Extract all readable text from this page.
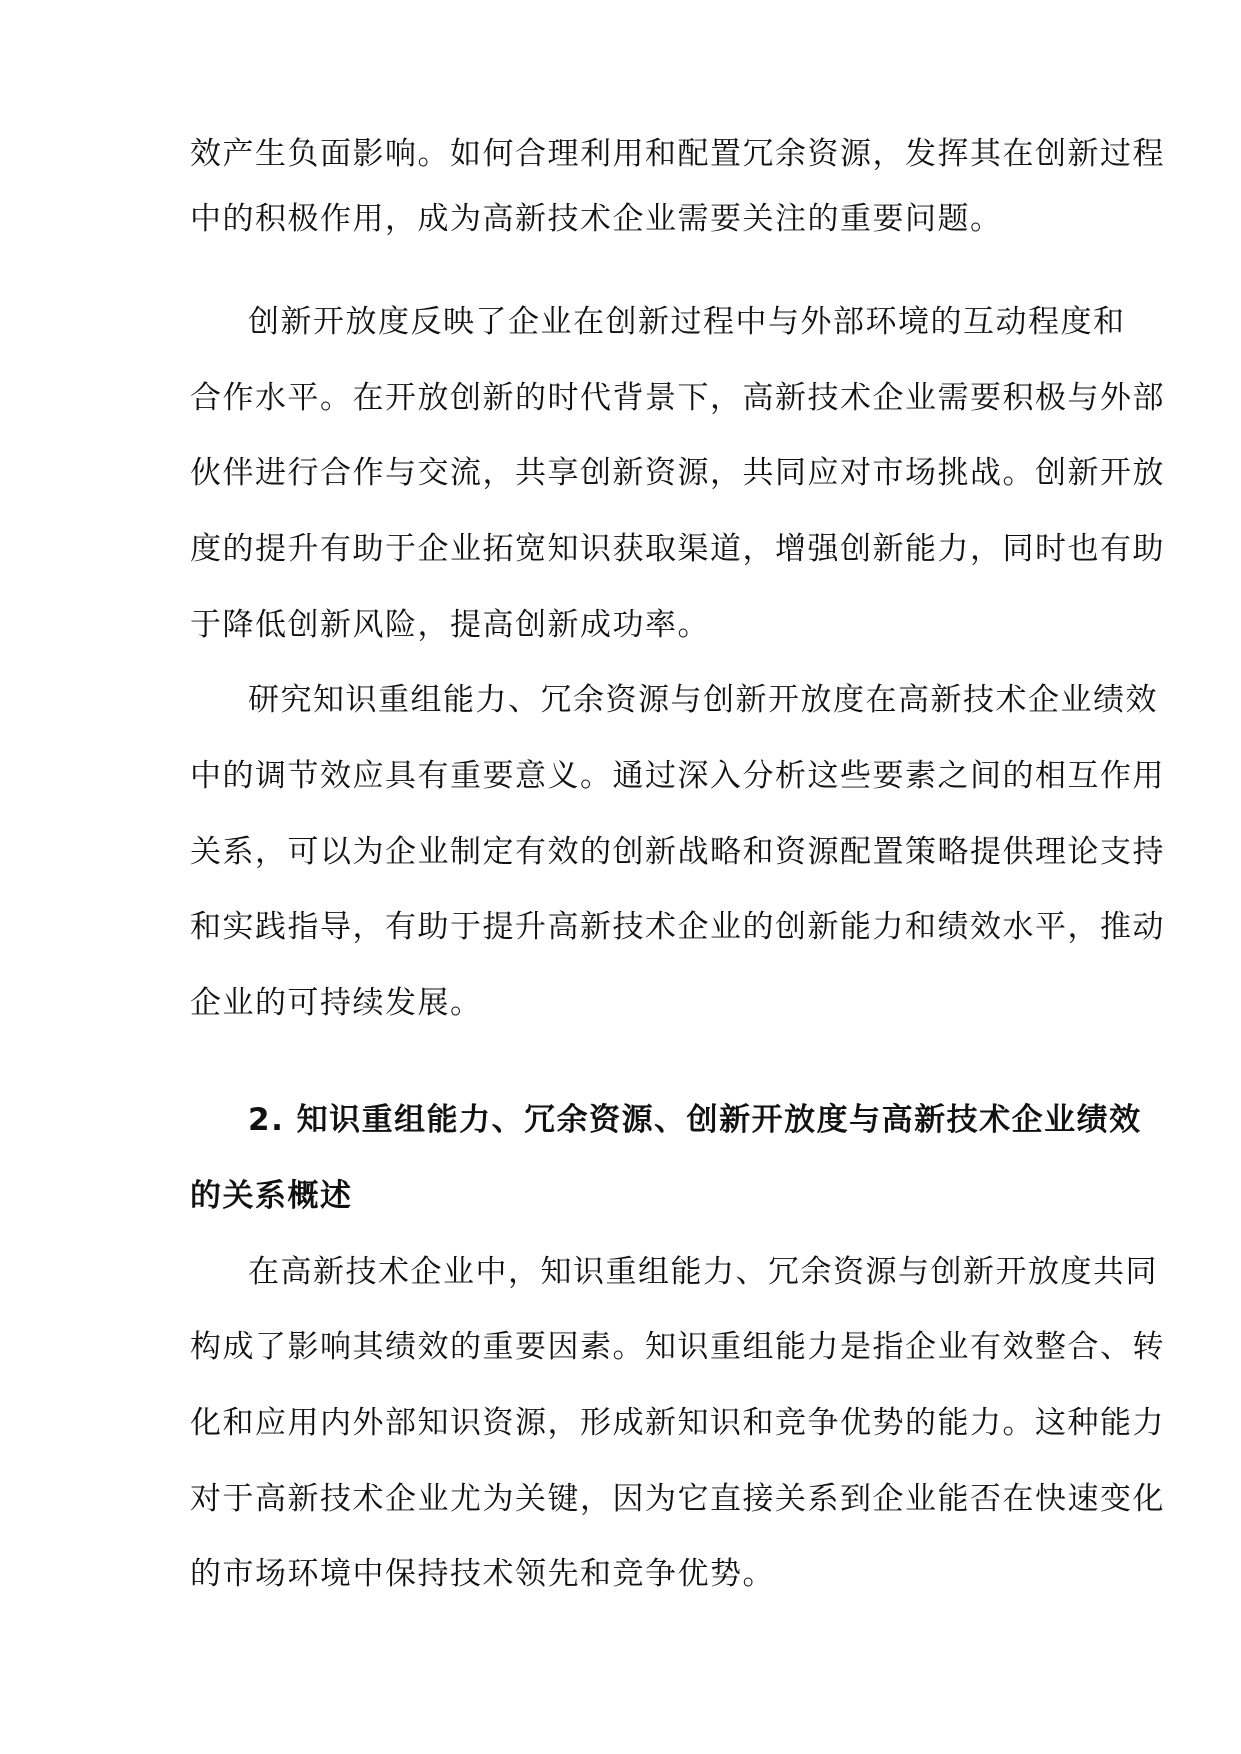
效产生负面影响。如何合理利用和配置冗余资源，发挥其在创新过程
中的积极作用，成为高新技术企业需要关注的重要问题。
创新开放度反映了企业在创新过程中与外部环境的互动程度和
合作水平。在开放创新的时代背景下，高新技术企业需要积极与外部
伙伴进行合作与交流，共享创新资源，共同应对市场挑战。创新开放
度的提升有助于企业拓宽知识获取渠道，增强创新能力，同时也有助
于降低创新风险，提高创新成功率。
研究知识重组能力、冗余资源与创新开放度在高新技术企业绩效
中的调节效应具有重要意义。通过深入分析这些要素之间的相互作用
关系，可以为企业制定有效的创新战略和资源配置策略提供理论支持
和实践指导，有助于提升高新技术企业的创新能力和绩效水平，推动
企业的可持续发展。
2. 知识重组能力、冗余资源、创新开放度与高新技术企业绩效
的关系概述
在高新技术企业中，知识重组能力、冗余资源与创新开放度共同
构成了影响其绩效的重要因素。知识重组能力是指企业有效整合、转
化和应用内外部知识资源，形成新知识和竞争优势的能力。这种能力
对于高新技术企业尤为关键，因为它直接关系到企业能否在快速变化
的市场环境中保持技术领先和竞争优势。
